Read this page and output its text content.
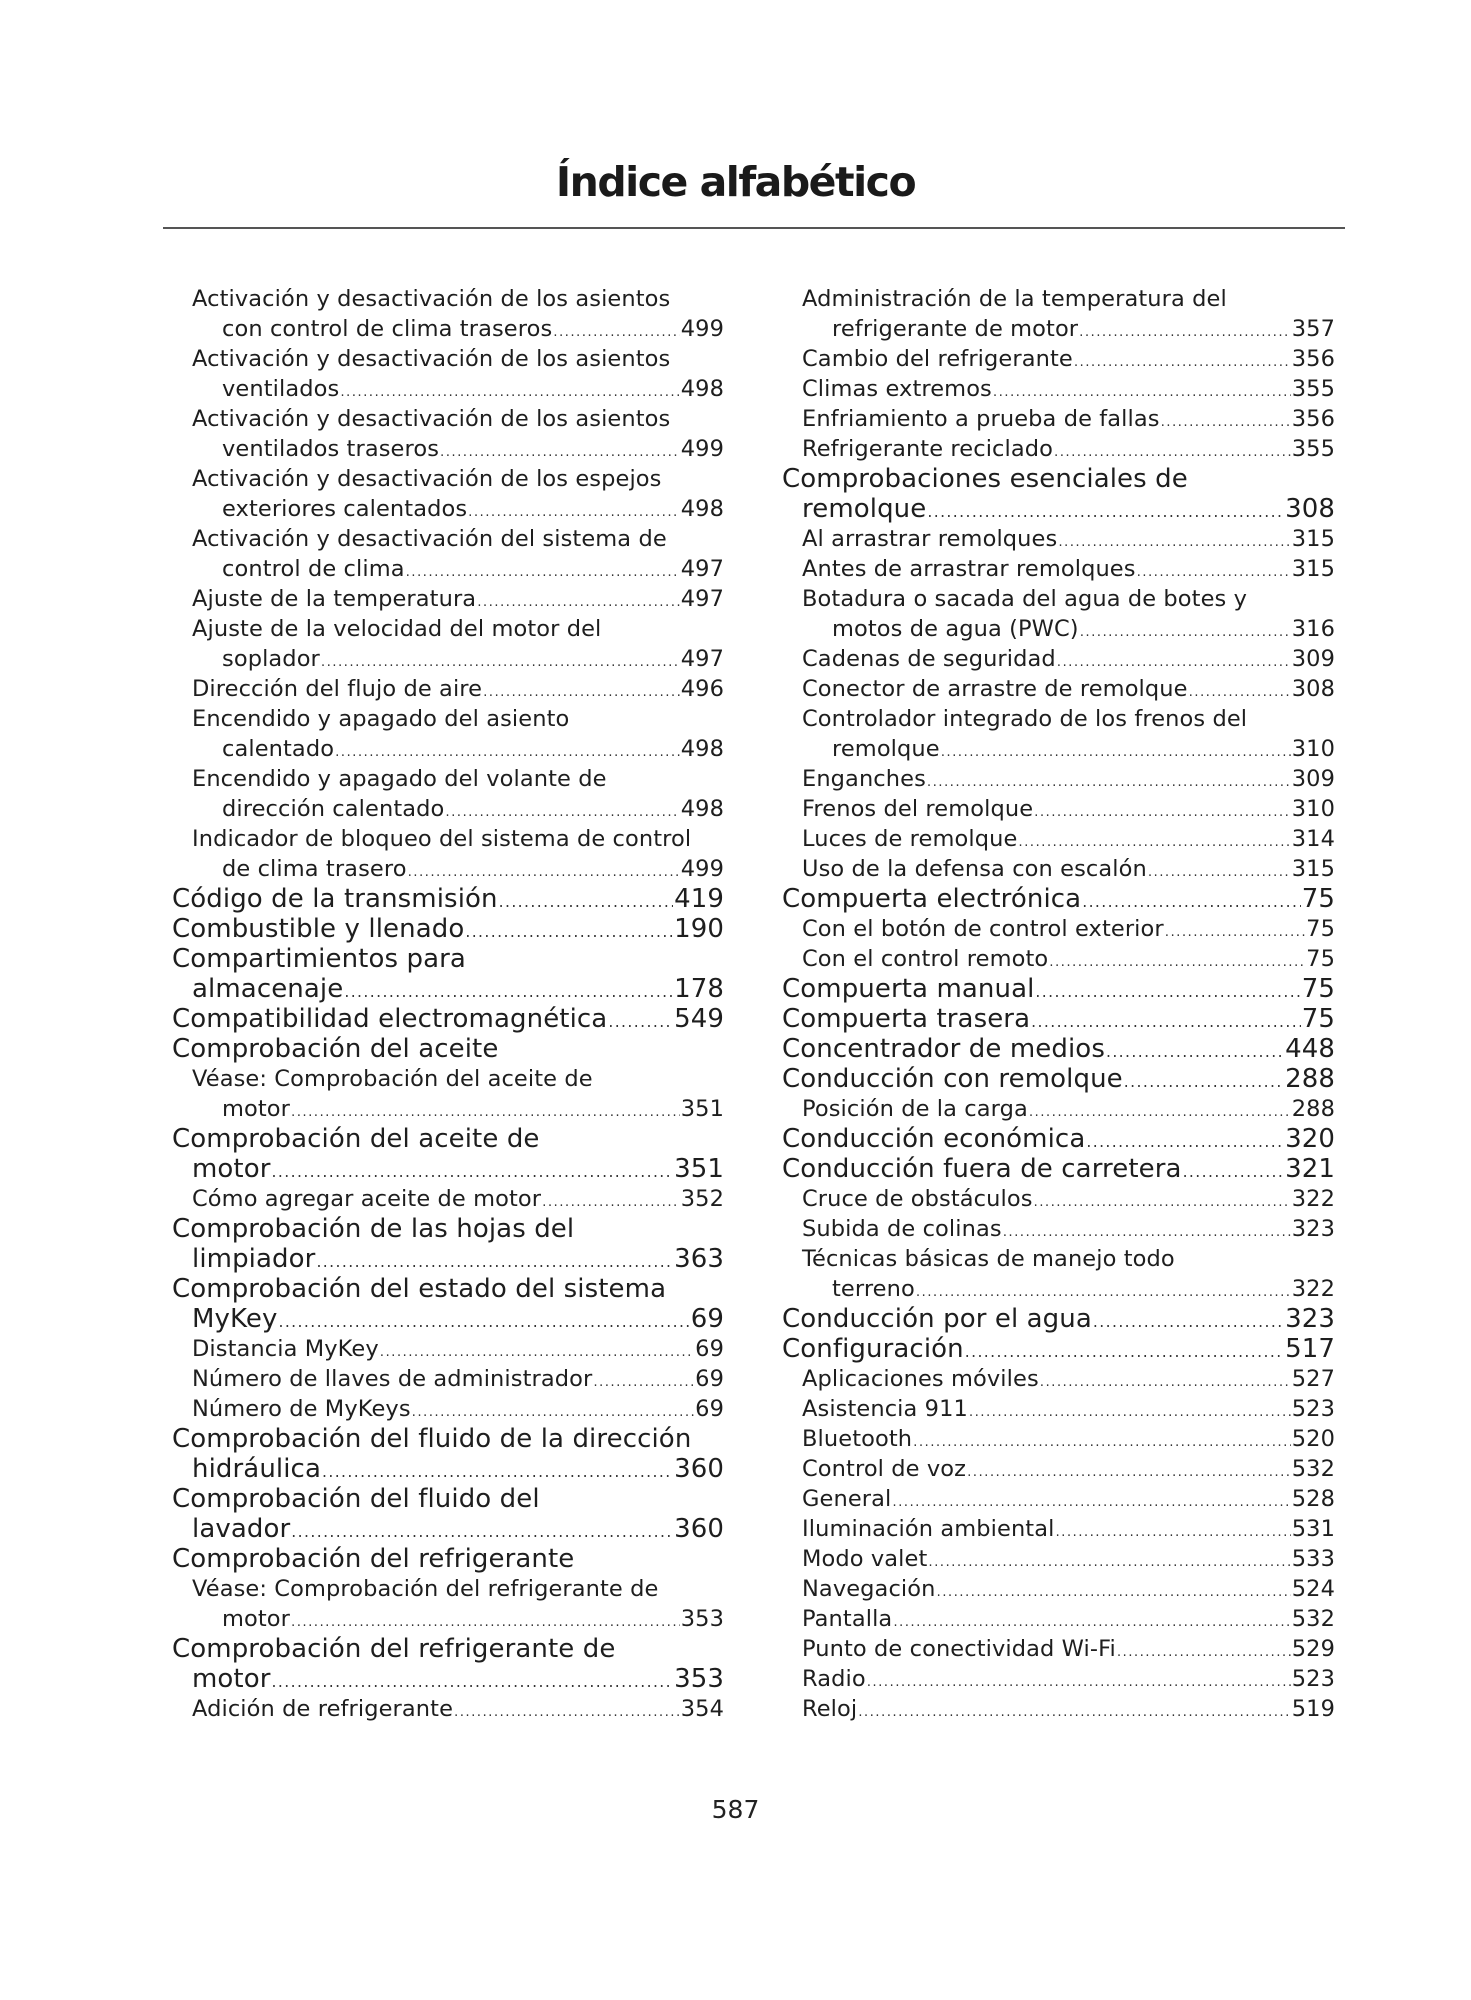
Índice alfabético
Activación y desactivación de los asientos
con control de clima traseros .....	499
Activación y desactivación de los asientos
ventilados .....	498
Activación y desactivación de los asientos
ventilados traseros .....	499
Activación y desactivación de los espejos
exteriores calentados .....	498
Activación y desactivación del sistema de
control de clima .....	497
Ajuste de la temperatura .....	497
Ajuste de la velocidad del motor del
soplador .....	497
Dirección del flujo de aire .....	496
Encendido y apagado del asiento
calentado .....	498
Encendido y apagado del volante de
dirección calentado .....	498
Indicador de bloqueo del sistema de control
de clima trasero .....	499
Código de la transmisión .....	419
Combustible y llenado .....	190
Compartimientos para
almacenaje .....	178
Compatibilidad electromagnética .....	549
Comprobación del aceite
Véase: Comprobación del aceite de
motor .....	351
Comprobación del aceite de
motor .....	351
Cómo agregar aceite de motor .....	352
Comprobación de las hojas del
limpiador .....	363
Comprobación del estado del sistema
MyKey .....	69
Distancia MyKey .....	69
Número de llaves de administrador .....	69
Número de MyKeys .....	69
Comprobación del fluido de la dirección
hidráulica .....	360
Comprobación del fluido del
lavador .....	360
Comprobación del refrigerante
Véase: Comprobación del refrigerante de
motor .....	353
Comprobación del refrigerante de
motor .....	353
Adición de refrigerante .....	354
Administración de la temperatura del
refrigerante de motor .....	357
Cambio del refrigerante .....	356
Climas extremos .....	355
Enfriamiento a prueba de fallas .....	356
Refrigerante reciclado .....	355
Comprobaciones esenciales de
remolque .....	308
Al arrastrar remolques .....	315
Antes de arrastrar remolques .....	315
Botadura o sacada del agua de botes y
motos de agua (PWC) .....	316
Cadenas de seguridad .....	309
Conector de arrastre de remolque .....	308
Controlador integrado de los frenos del
remolque .....	310
Enganches .....	309
Frenos del remolque .....	310
Luces de remolque .....	314
Uso de la defensa con escalón .....	315
Compuerta electrónica .....	75
Con el botón de control exterior .....	75
Con el control remoto .....	75
Compuerta manual .....	75
Compuerta trasera .....	75
Concentrador de medios .....	448
Conducción con remolque .....	288
Posición de la carga .....	288
Conducción económica .....	320
Conducción fuera de carretera .....	321
Cruce de obstáculos .....	322
Subida de colinas .....	323
Técnicas básicas de manejo todo
terreno .....	322
Conducción por el agua .....	323
Configuración .....	517
Aplicaciones móviles .....	527
Asistencia 911 .....	523
Bluetooth .....	520
Control de voz .....	532
General .....	528
Iluminación ambiental .....	531
Modo valet .....	533
Navegación .....	524
Pantalla .....	532
Punto de conectividad Wi-Fi .....	529
Radio .....	523
Reloj .....	519
587
